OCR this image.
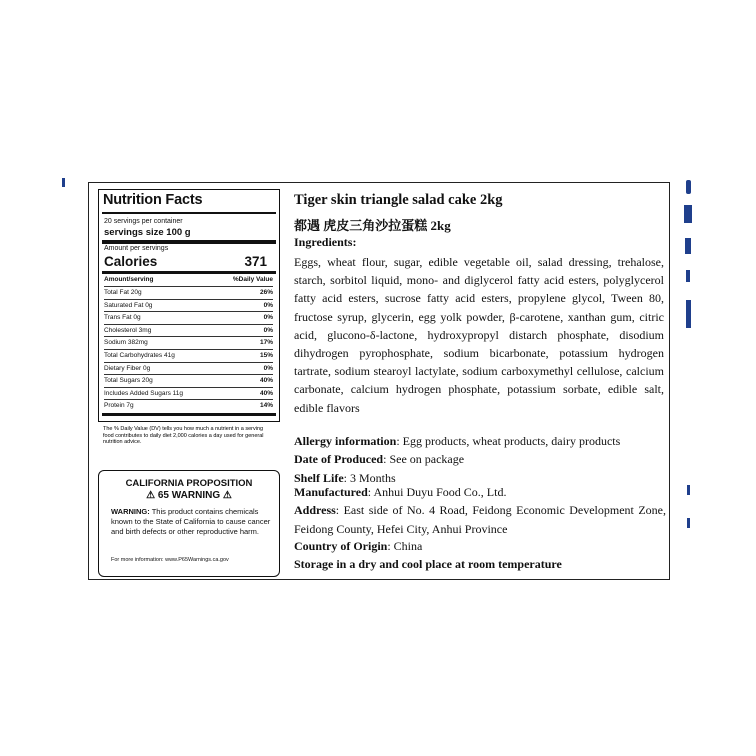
Nutrition Facts
20 servings per container
servings size 100 g
Amount per servings
Calories	371
Amount/serving	%Daily Value
Total Fat 20g	26%
Saturated Fat 0g	0%
Trans Fat 0g	0%
Cholesterol 3mg	0%
Sodium 382mg	17%
Total Carbohydrates 41g	15%
Dietary Fiber 0g	0%
Total Sugars 20g	40%
Includes Added Sugars 11g	40%
Protein 7g	14%
The % Daily Value (DV) tells you how much a nutrient in a serving food contributes to daily diet 2,000 calories a day used for general nutrition advice.
CALIFORNIA PROPOSITION
⚠ 65 WARNING ⚠
WARNING: This product contains chemicals known to the State of California to cause cancer and birth defects or other reproductive harm.
For more information: www.P65Warnings.ca.gov
Tiger skin triangle salad cake 2kg
都遇 虎皮三角沙拉蛋糕 2kg
Ingredients:
Eggs, wheat flour, sugar, edible vegetable oil, salad dressing, trehalose, starch, sorbitol liquid, mono- and diglycerol fatty acid esters, polyglycerol fatty acid esters, sucrose fatty acid esters, propylene glycol, Tween 80, fructose syrup, glycerin, egg yolk powder, β-carotene, xanthan gum, citric acid, glucono-δ-lactone, hydroxypropyl distarch phosphate, disodium dihydrogen pyrophosphate, sodium bicarbonate, potassium hydrogen tartrate, sodium stearoyl lactylate, sodium carboxymethyl cellulose, calcium carbonate, calcium hydrogen phosphate, potassium sorbate, edible salt, edible flavors
Allergy information: Egg products, wheat products, dairy products
Date of Produced: See on package
Shelf Life: 3 Months
Manufactured: Anhui Duyu Food Co., Ltd.
Address: East side of No. 4 Road, Feidong Economic Development Zone, Feidong County, Hefei City, Anhui Province
Country of Origin: China
Storage in a dry and cool place at room temperature
